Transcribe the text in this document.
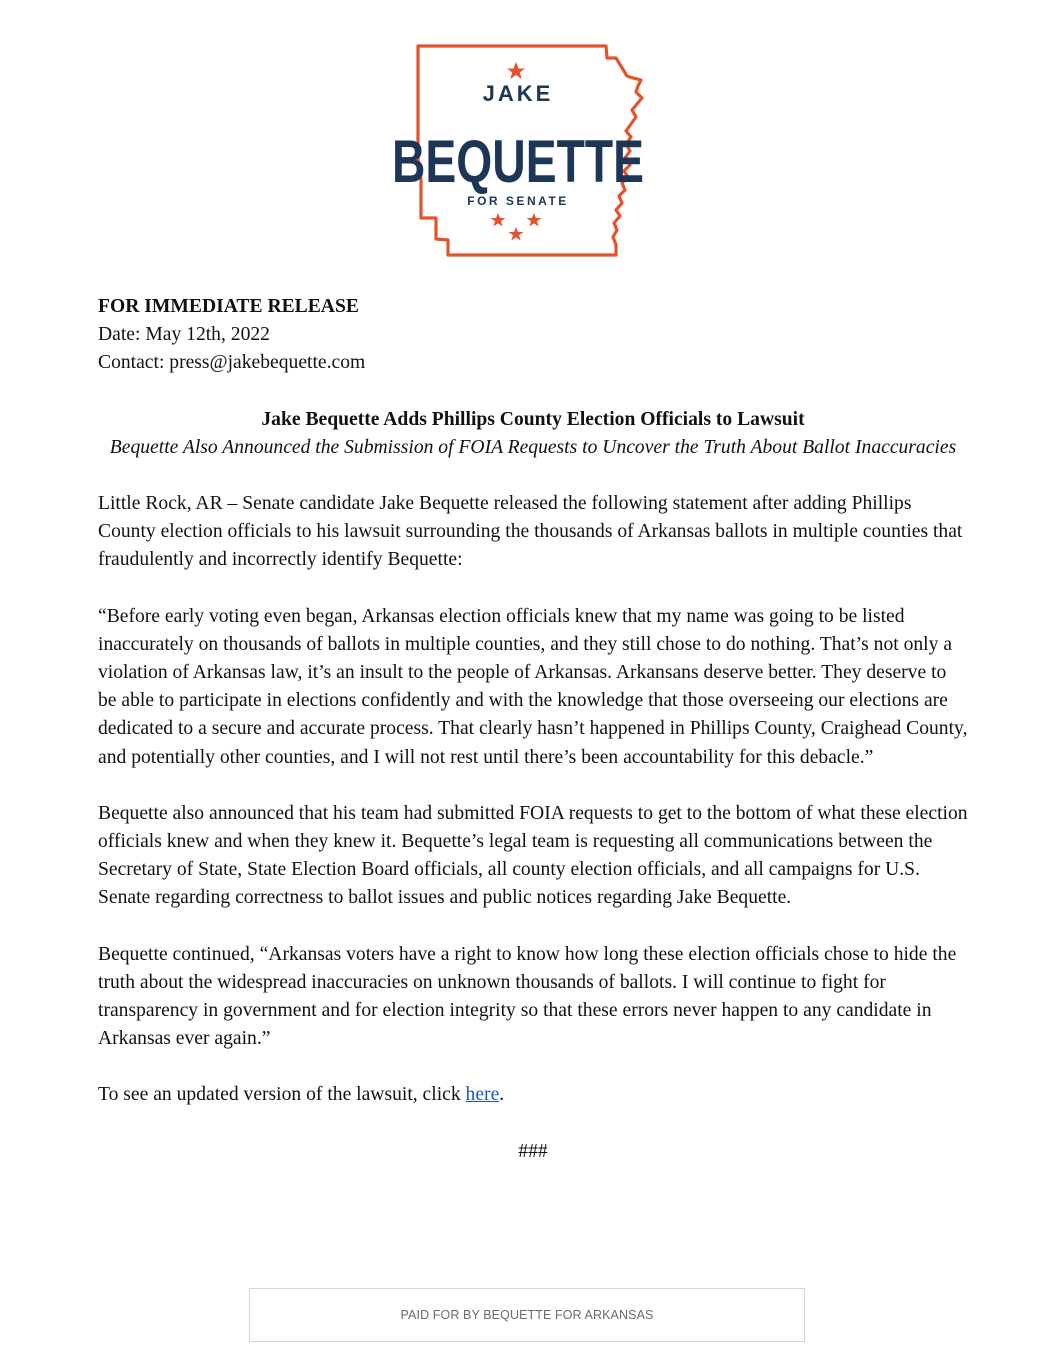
JAKE
BEQUETTE
FOR SENATE

FOR IMMEDIATE RELEASE

Date: May 12th, 2022

Contact: press@jakebequette.com

Jake Bequette Adds Phillips County Election Officials to Lawsuit

Bequette Also Announced the Submission of FOIA Requests to Uncover the Truth About Ballot Inaccuracies

Little Rock, AR – Senate candidate Jake Bequette released the following statement after adding Phillips County election officials to his lawsuit surrounding the thousands of Arkansas ballots in multiple counties that fraudulently and incorrectly identify Bequette:

“Before early voting even began, Arkansas election officials knew that my name was going to be listed inaccurately on thousands of ballots in multiple counties, and they still chose to do nothing. That’s not only a violation of Arkansas law, it’s an insult to the people of Arkansas. Arkansans deserve better. They deserve to be able to participate in elections confidently and with the knowledge that those overseeing our elections are dedicated to a secure and accurate process. That clearly hasn’t happened in Phillips County, Craighead County, and potentially other counties, and I will not rest until there’s been accountability for this debacle.”

Bequette also announced that his team had submitted FOIA requests to get to the bottom of what these election officials knew and when they knew it. Bequette’s legal team is requesting all communications between the Secretary of State, State Election Board officials, all county election officials, and all campaigns for U.S. Senate regarding correctness to ballot issues and public notices regarding Jake Bequette.

Bequette continued, “Arkansas voters have a right to know how long these election officials chose to hide the truth about the widespread inaccuracies on unknown thousands of ballots. I will continue to fight for transparency in government and for election integrity so that these errors never happen to any candidate in Arkansas ever again.”

To see an updated version of the lawsuit, click here.

###

PAID FOR BY BEQUETTE FOR ARKANSAS
